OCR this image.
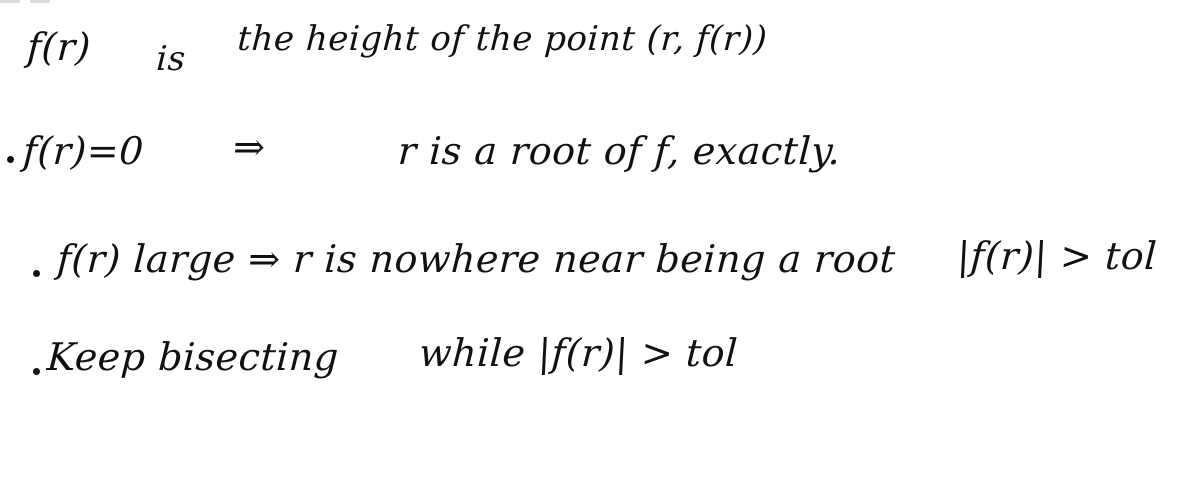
f(r) is the height of the point (r, f(r))
f(r)=0 ⇒	r is a root of f, exactly.
f(r) large ⇒ r is nowhere near being a root |f(r)| > tol
Keep bisecting while |f(r)| > tol
